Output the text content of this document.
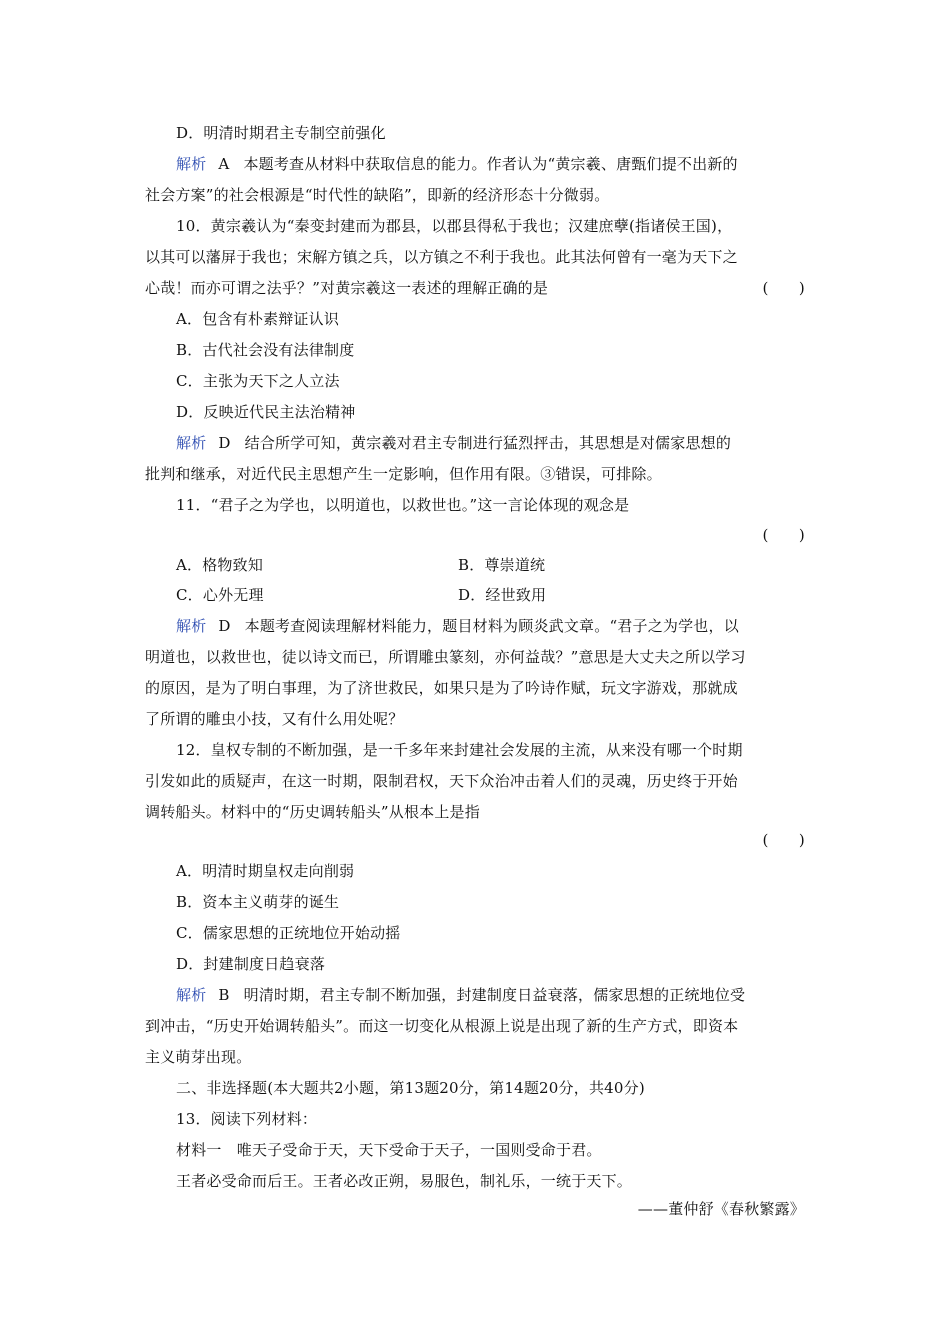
D．明清时期君主专制空前强化
解析 A 本题考查从材料中获取信息的能力。作者认为“黄宗羲、唐甄们提不出新的
社会方案”的社会根源是“时代性的缺陷”，即新的经济形态十分微弱。
10．黄宗羲认为“秦变封建而为郡县，以郡县得私于我也；汉建庶孽(指诸侯王国)，
以其可以藩屏于我也；宋解方镇之兵，以方镇之不利于我也。此其法何曾有一毫为天下之
心哉！而亦可谓之法乎？”对黄宗羲这一表述的理解正确的是	(　　)
A．包含有朴素辩证认识
B．古代社会没有法律制度
C．主张为天下之人立法
D．反映近代民主法治精神
解析 D 结合所学可知，黄宗羲对君主专制进行猛烈抨击，其思想是对儒家思想的
批判和继承，对近代民主思想产生一定影响，但作用有限。③错误，可排除。
11．“君子之为学也，以明道也，以救世也。”这一言论体现的观念是
(　　)
A．格物致知	B．尊崇道统
C．心外无理	D．经世致用
解析 D 本题考查阅读理解材料能力，题目材料为顾炎武文章。“君子之为学也，以
明道也，以救世也，徒以诗文而已，所谓雕虫篆刻，亦何益哉？”意思是大丈夫之所以学习
的原因，是为了明白事理，为了济世救民，如果只是为了吟诗作赋，玩文字游戏，那就成
了所谓的雕虫小技，又有什么用处呢？
12．皇权专制的不断加强，是一千多年来封建社会发展的主流，从来没有哪一个时期
引发如此的质疑声，在这一时期，限制君权，天下众治冲击着人们的灵魂，历史终于开始
调转船头。材料中的“历史调转船头”从根本上是指
(　　)
A．明清时期皇权走向削弱
B．资本主义萌芽的诞生
C．儒家思想的正统地位开始动摇
D．封建制度日趋衰落
解析 B 明清时期，君主专制不断加强，封建制度日益衰落，儒家思想的正统地位受
到冲击，“历史开始调转船头”。而这一切变化从根源上说是出现了新的生产方式，即资本
主义萌芽出现。
二、非选择题(本大题共2小题，第13题20分，第14题20分，共40分)
13．阅读下列材料：
材料一　唯天子受命于天，天下受命于天子，一国则受命于君。
王者必受命而后王。王者必改正朔，易服色，制礼乐，一统于天下。
——董仲舒《春秋繁露》
